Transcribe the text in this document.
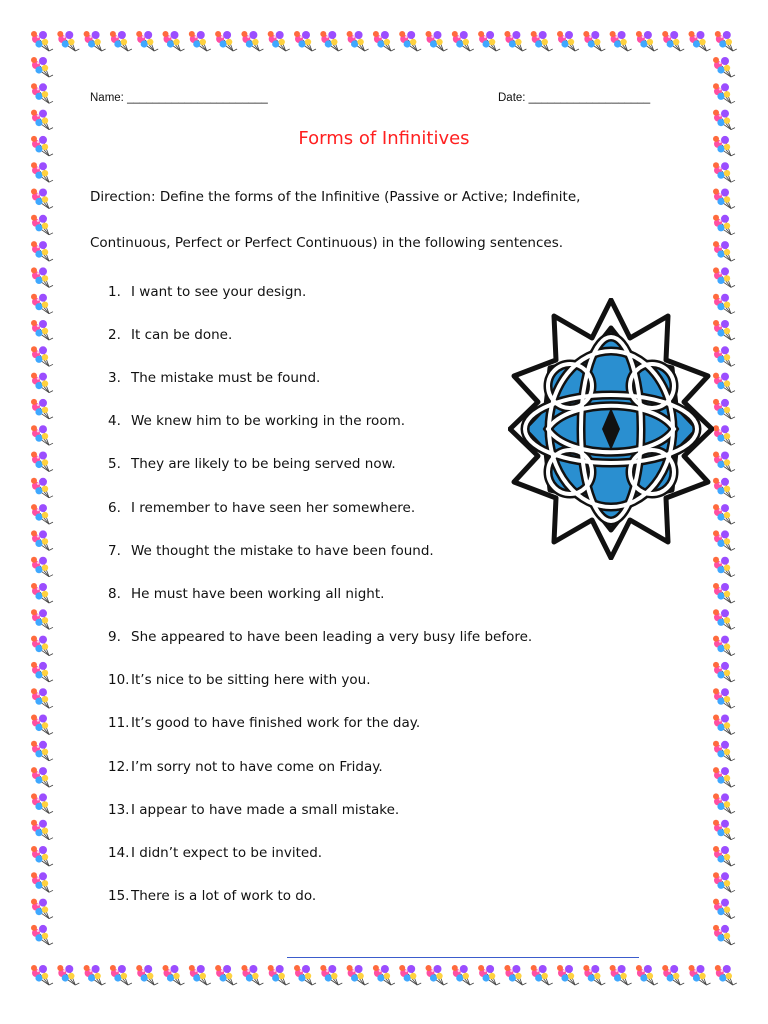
Name: ______________________	Date: ___________________
Forms of Infinitives

Direction: Define the forms of the Infinitive (Passive or Active; Indefinite,

Continuous, Perfect or Perfect Continuous) in the following sentences.

1. I want to see your design.
2. It can be done.
3. The mistake must be found.
4. We knew him to be working in the room.
5. They are likely to be being served now.
6. I remember to have seen her somewhere.
7. We thought the mistake to have been found.
8. He must have been working all night.
9. She appeared to have been leading a very busy life before.
10. It’s nice to be sitting here with you.
11. It’s good to have finished work for the day.
12. I’m sorry not to have come on Friday.
13. I appear to have made a small mistake.
14. I didn’t expect to be invited.
15. There is a lot of work to do.
